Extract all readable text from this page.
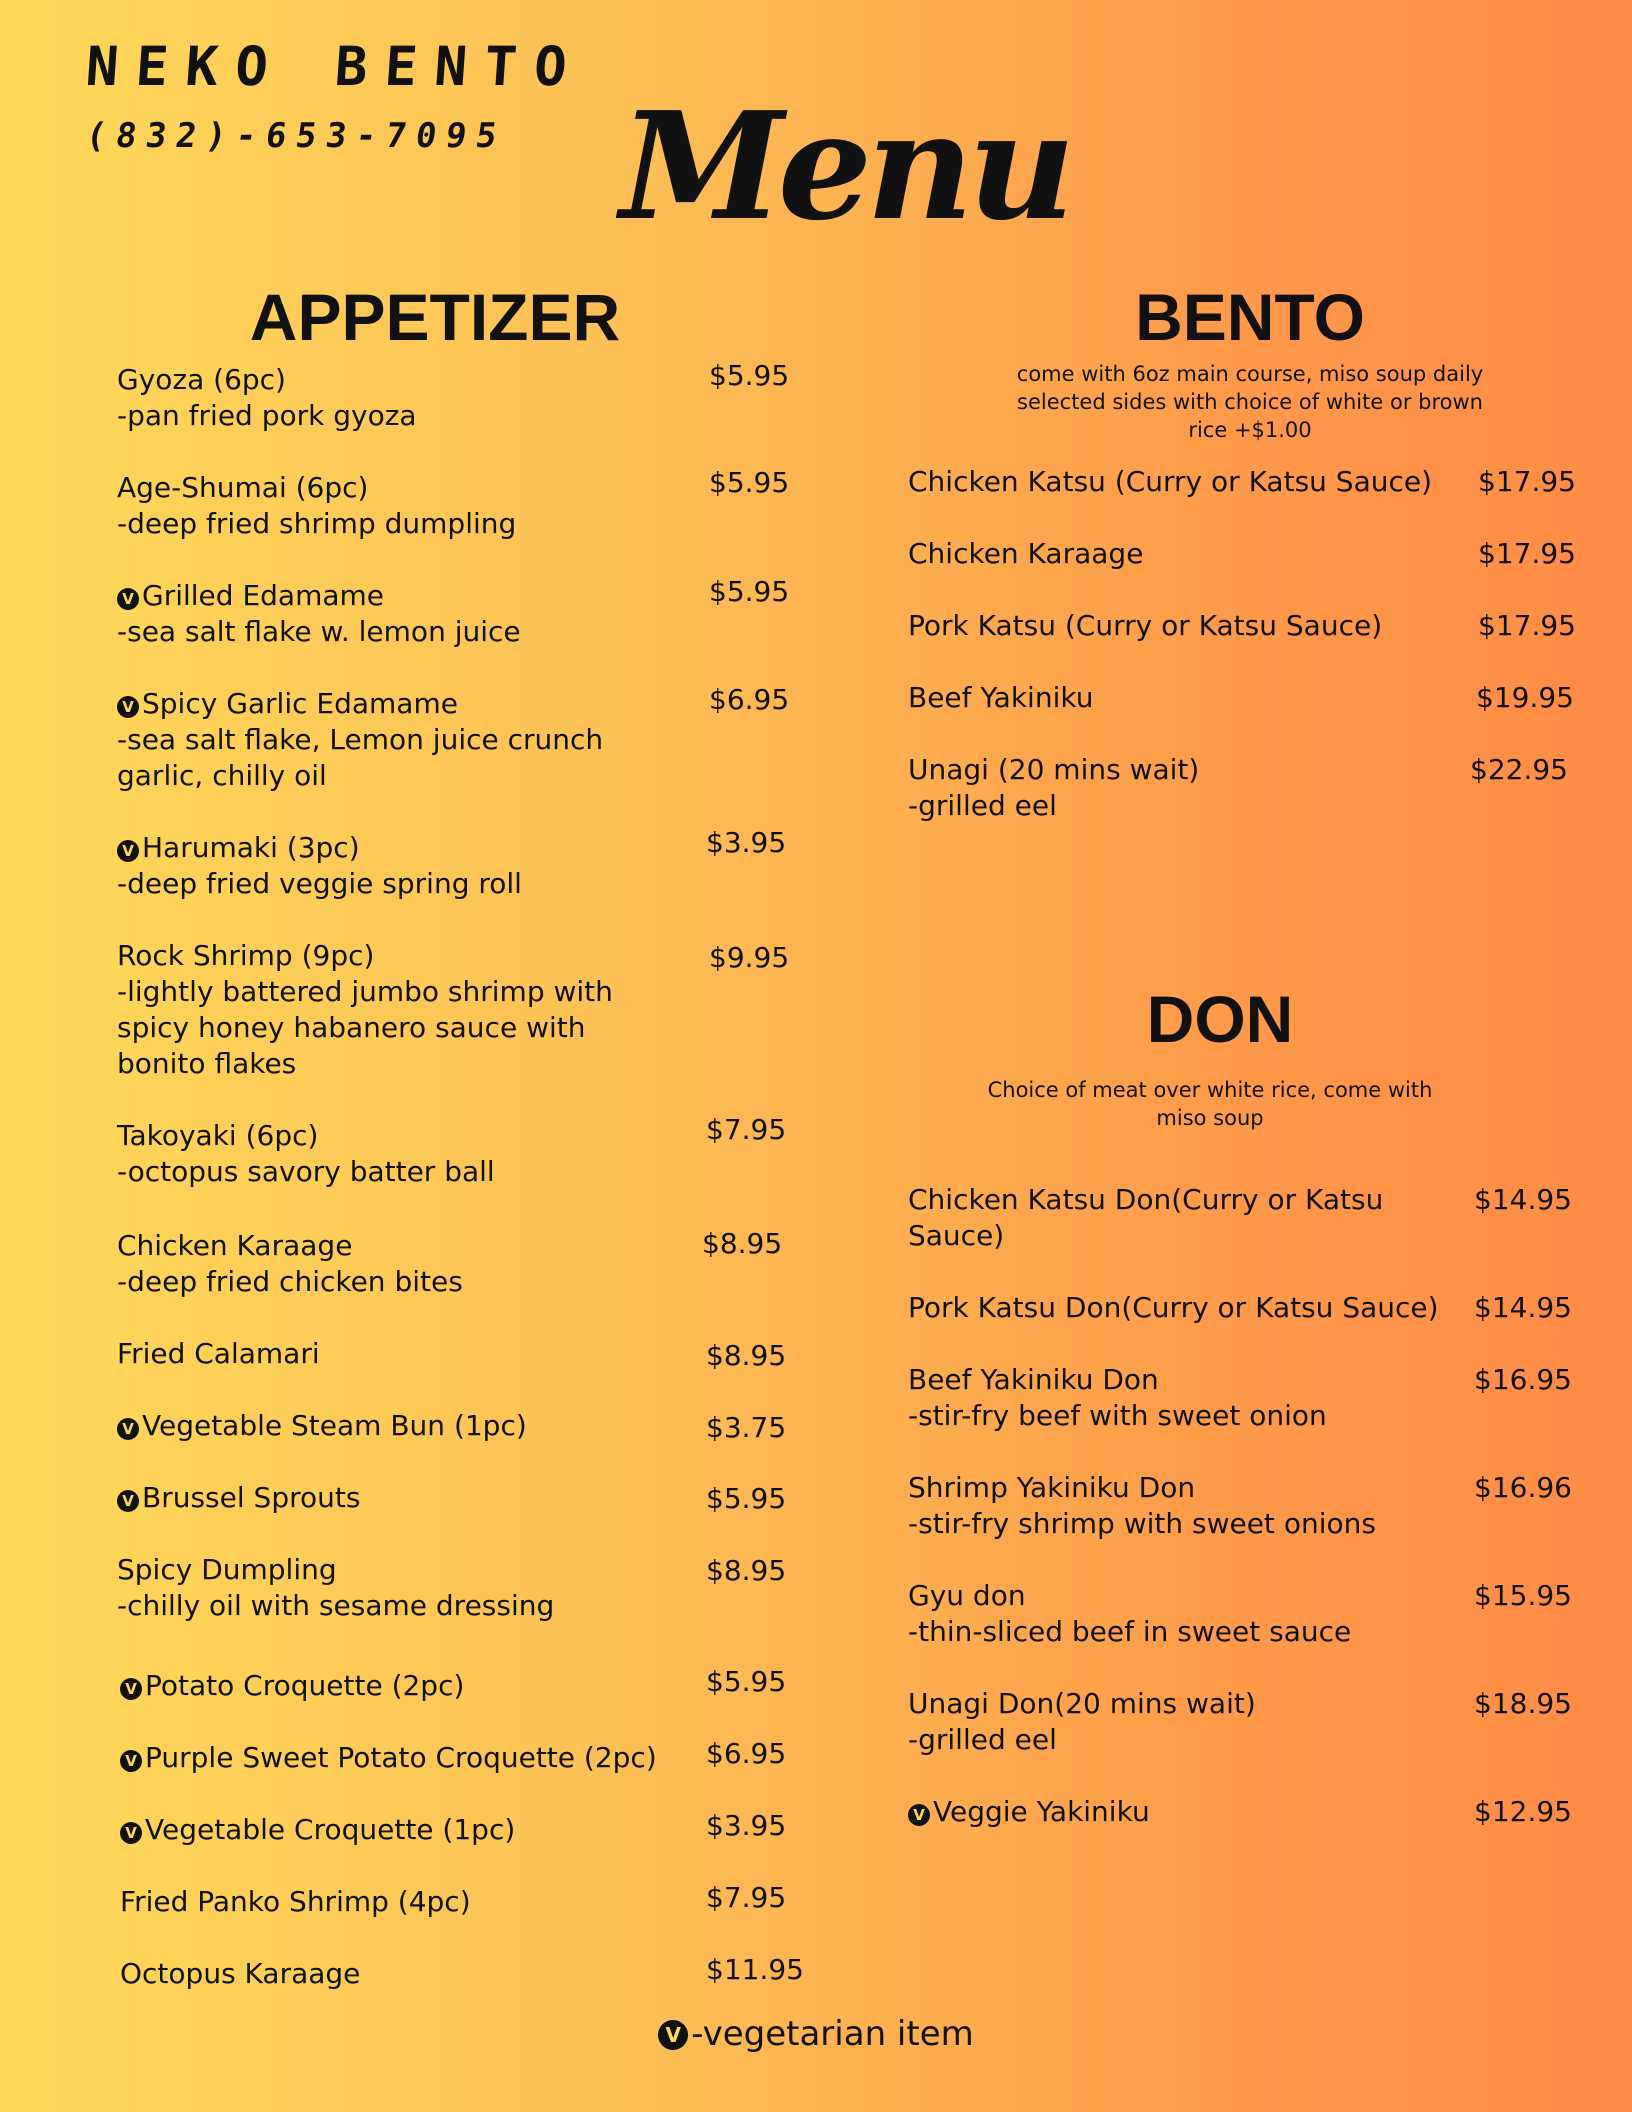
NEKO BENTO
(832)-653-7095 Menu
APPETIZER
Gyoza (6pc)
-pan fried pork gyoza
$5.95
Age-Shumai (6pc)
-deep fried shrimp dumpling
$5.95
V Grilled Edamame
-sea salt flake w. lemon juice
$5.95
V Spicy Garlic Edamame
-sea salt flake, Lemon juice crunch garlic, chilly oil
$6.95
V Harumaki (3pc)
-deep fried veggie spring roll
$3.95
Rock Shrimp (9pc)
-lightly battered jumbo shrimp with spicy honey habanero sauce with bonito flakes
$9.95
Takoyaki (6pc)
-octopus savory batter ball
$7.95
Chicken Karaage
-deep fried chicken bites
$8.95
Fried Calamari	$8.95
V Vegetable Steam Bun (1pc)	$3.75
V Brussel Sprouts	$5.95
Spicy Dumpling
-chilly oil with sesame dressing
$8.95
V Potato Croquette (2pc)	$5.95
V Purple Sweet Potato Croquette (2pc)	$6.95
V Vegetable Croquette (1pc)	$3.95
Fried Panko Shrimp (4pc)	$7.95
Octopus Karaage	$11.95
BENTO
come with 6oz main course, miso soup daily selected sides with choice of white or brown rice +$1.00
Chicken Katsu (Curry or Katsu Sauce)	$17.95
Chicken Karaage	$17.95
Pork Katsu (Curry or Katsu Sauce)	$17.95
Beef Yakiniku	$19.95
Unagi (20 mins wait)
-grilled eel
$22.95
DON
Choice of meat over white rice, come with miso soup
Chicken Katsu Don(Curry or Katsu Sauce)
$14.95
Pork Katsu Don(Curry or Katsu Sauce)	$14.95
Beef Yakiniku Don
-stir-fry beef with sweet onion
$16.95
Shrimp Yakiniku Don
-stir-fry shrimp with sweet onions
$16.96
Gyu don
-thin-sliced beef in sweet sauce
$15.95
Unagi Don(20 mins wait)
-grilled eel
$18.95
V Veggie Yakiniku	$12.95
V -vegetarian item
